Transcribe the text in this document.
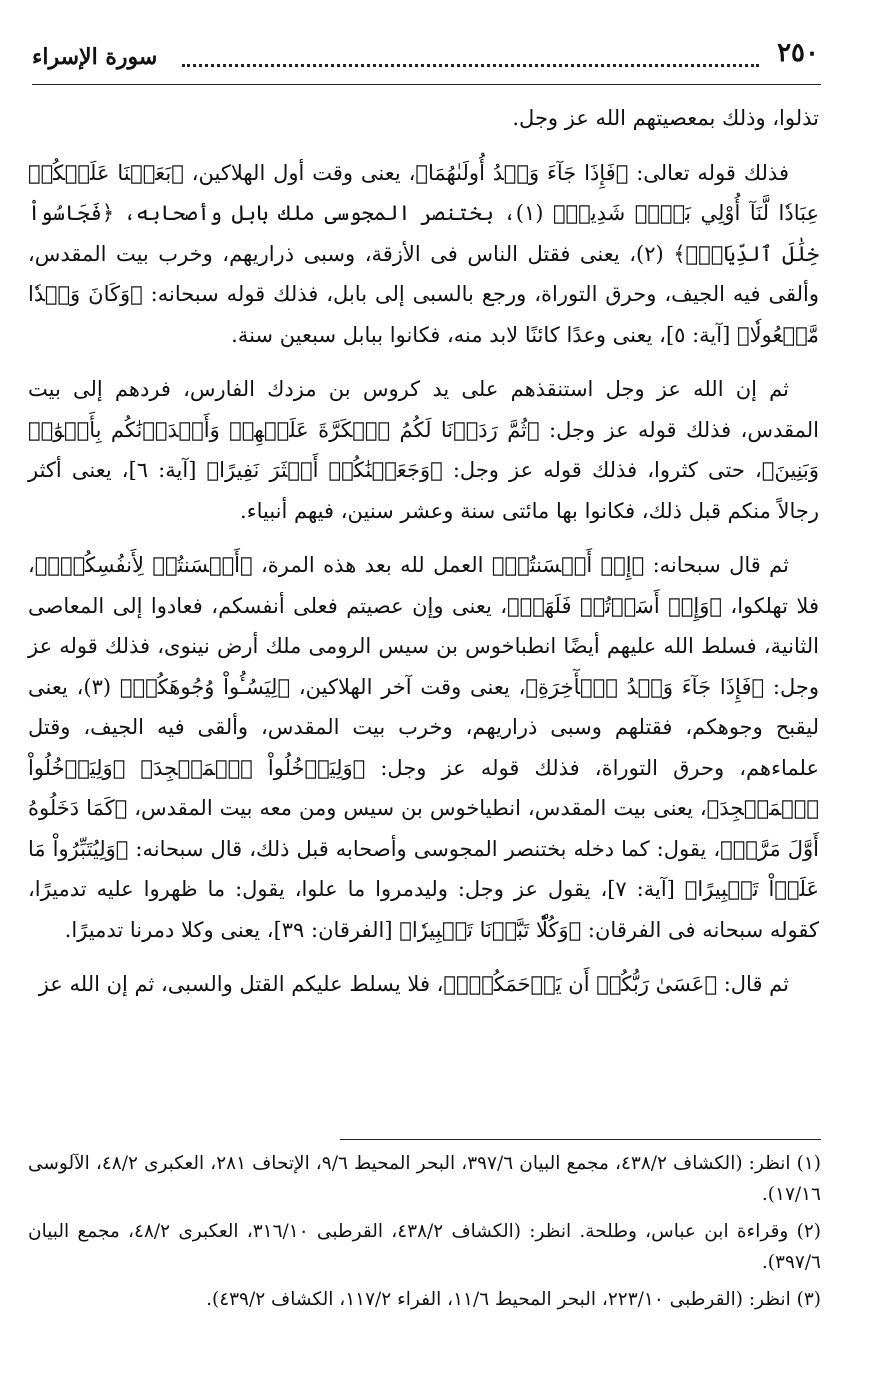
٢٥٠
سورة الإسراء

تذلوا، وذلك بمعصيتهم الله عز وجل.

فذلك قوله تعالى: ﴿فَإِذَا جَآءَ وَعۡدُ أُولَىٰهُمَا﴾، يعنى وقت أول الهلاكين، ﴿بَعَثۡنَا عَلَيۡكُمۡ عِبَادٗا لَّنَآ أُوْلِي بَأۡسٖ شَدِيدٖ﴾ (١)، بختنصر المجوسى ملك بابل وأصحابه، ﴿فَجَاسُواْ خِلَٰلَ ٱلدِّيَارِۚ﴾ (٢)، يعنى فقتل الناس فى الأزقة، وسبى ذراريهم، وخرب بيت المقدس، وألقى فيه الجيف، وحرق التوراة، ورجع بالسبى إلى بابل، فذلك قوله سبحانه: ﴿وَكَانَ وَعۡدٗا مَّفۡعُولٗا﴾ [آية: ٥]، يعنى وعدًا كائنًا لابد منه، فكانوا ببابل سبعين سنة.

ثم إن الله عز وجل استنقذهم على يد كروس بن مزدك الفارس، فردهم إلى بيت المقدس، فذلك قوله عز وجل: ﴿ثُمَّ رَدَدۡنَا لَكُمُ ٱلۡكَرَّةَ عَلَيۡهِمۡ وَأَمۡدَدۡنَٰكُم بِأَمۡوَٰلٖ وَبَنِينَ﴾، حتى كثروا، فذلك قوله عز وجل: ﴿وَجَعَلۡنَٰكُمۡ أَكۡثَرَ نَفِيرًا﴾ [آية: ٦]، يعنى أكثر رجالاً منكم قبل ذلك، فكانوا بها مائتى سنة وعشر سنين، فيهم أنبياء.

ثم قال سبحانه: ﴿إِنۡ أَحۡسَنتُمۡ﴾ العمل لله بعد هذه المرة، ﴿أَحۡسَنتُمۡ لِأَنفُسِكُمۡۖ﴾، فلا تهلكوا، ﴿وَإِنۡ أَسَأۡتُمۡ فَلَهَاۚ﴾، يعنى وإن عصيتم فعلى أنفسكم، فعادوا إلى المعاصى الثانية، فسلط الله عليهم أيضًا انطباخوس بن سيس الرومى ملك أرض نينوى، فذلك قوله عز وجل: ﴿فَإِذَا جَآءَ وَعۡدُ ٱلۡأٓخِرَةِ﴾، يعنى وقت آخر الهلاكين، ﴿لِيَسُـُٔواْ وُجُوهَكُمۡ﴾ (٣)، يعنى ليقبح وجوهكم، فقتلهم وسبى ذراريهم، وخرب بيت المقدس، وألقى فيه الجيف، وقتل علماءهم، وحرق التوراة، فذلك قوله عز وجل: ﴿وَلِيَدۡخُلُواْ ٱلۡمَسۡجِدَ﴾ ﴿وَلِيَدۡخُلُواْ ٱلۡمَسۡجِدَ﴾، يعنى بيت المقدس، انطياخوس بن سيس ومن معه بيت المقدس، ﴿كَمَا دَخَلُوهُ أَوَّلَ مَرَّةٖ﴾، يقول: كما دخله بختنصر المجوسى وأصحابه قبل ذلك، قال سبحانه: ﴿وَلِيُتَبِّرُواْ مَا عَلَوۡاْ تَتۡبِيرًا﴾ [آية: ٧]، يقول عز وجل: وليدمروا ما علوا، يقول: ما ظهروا عليه تدميرًا، كقوله سبحانه فى الفرقان: ﴿وَكُلّٗا تَبَّرۡنَا تَتۡبِيرٗا﴾ [الفرقان: ٣٩]، يعنى وكلا دمرنا تدميرًا.

ثم قال: ﴿عَسَىٰ رَبُّكُمۡ أَن يَرۡحَمَكُمۡۚ﴾، فلا يسلط عليكم القتل والسبى، ثم إن الله عز

(١) انظر: (الكشاف ٤٣٨/٢، مجمع البيان ٣٩٧/٦، البحر المحيط ٩/٦، الإتحاف ٢٨١، العكبرى ٤٨/٢، الآلوسى ١٧/١٦).

(٢) وقراءة ابن عباس، وطلحة. انظر: (الكشاف ٤٣٨/٢، القرطبى ٣١٦/١٠، العكبرى ٤٨/٢، مجمع البيان ٣٩٧/٦).

(٣) انظر: (القرطبى ٢٢٣/١٠، البحر المحيط ١١/٦، الفراء ١١٧/٢، الكشاف ٤٣٩/٢).
